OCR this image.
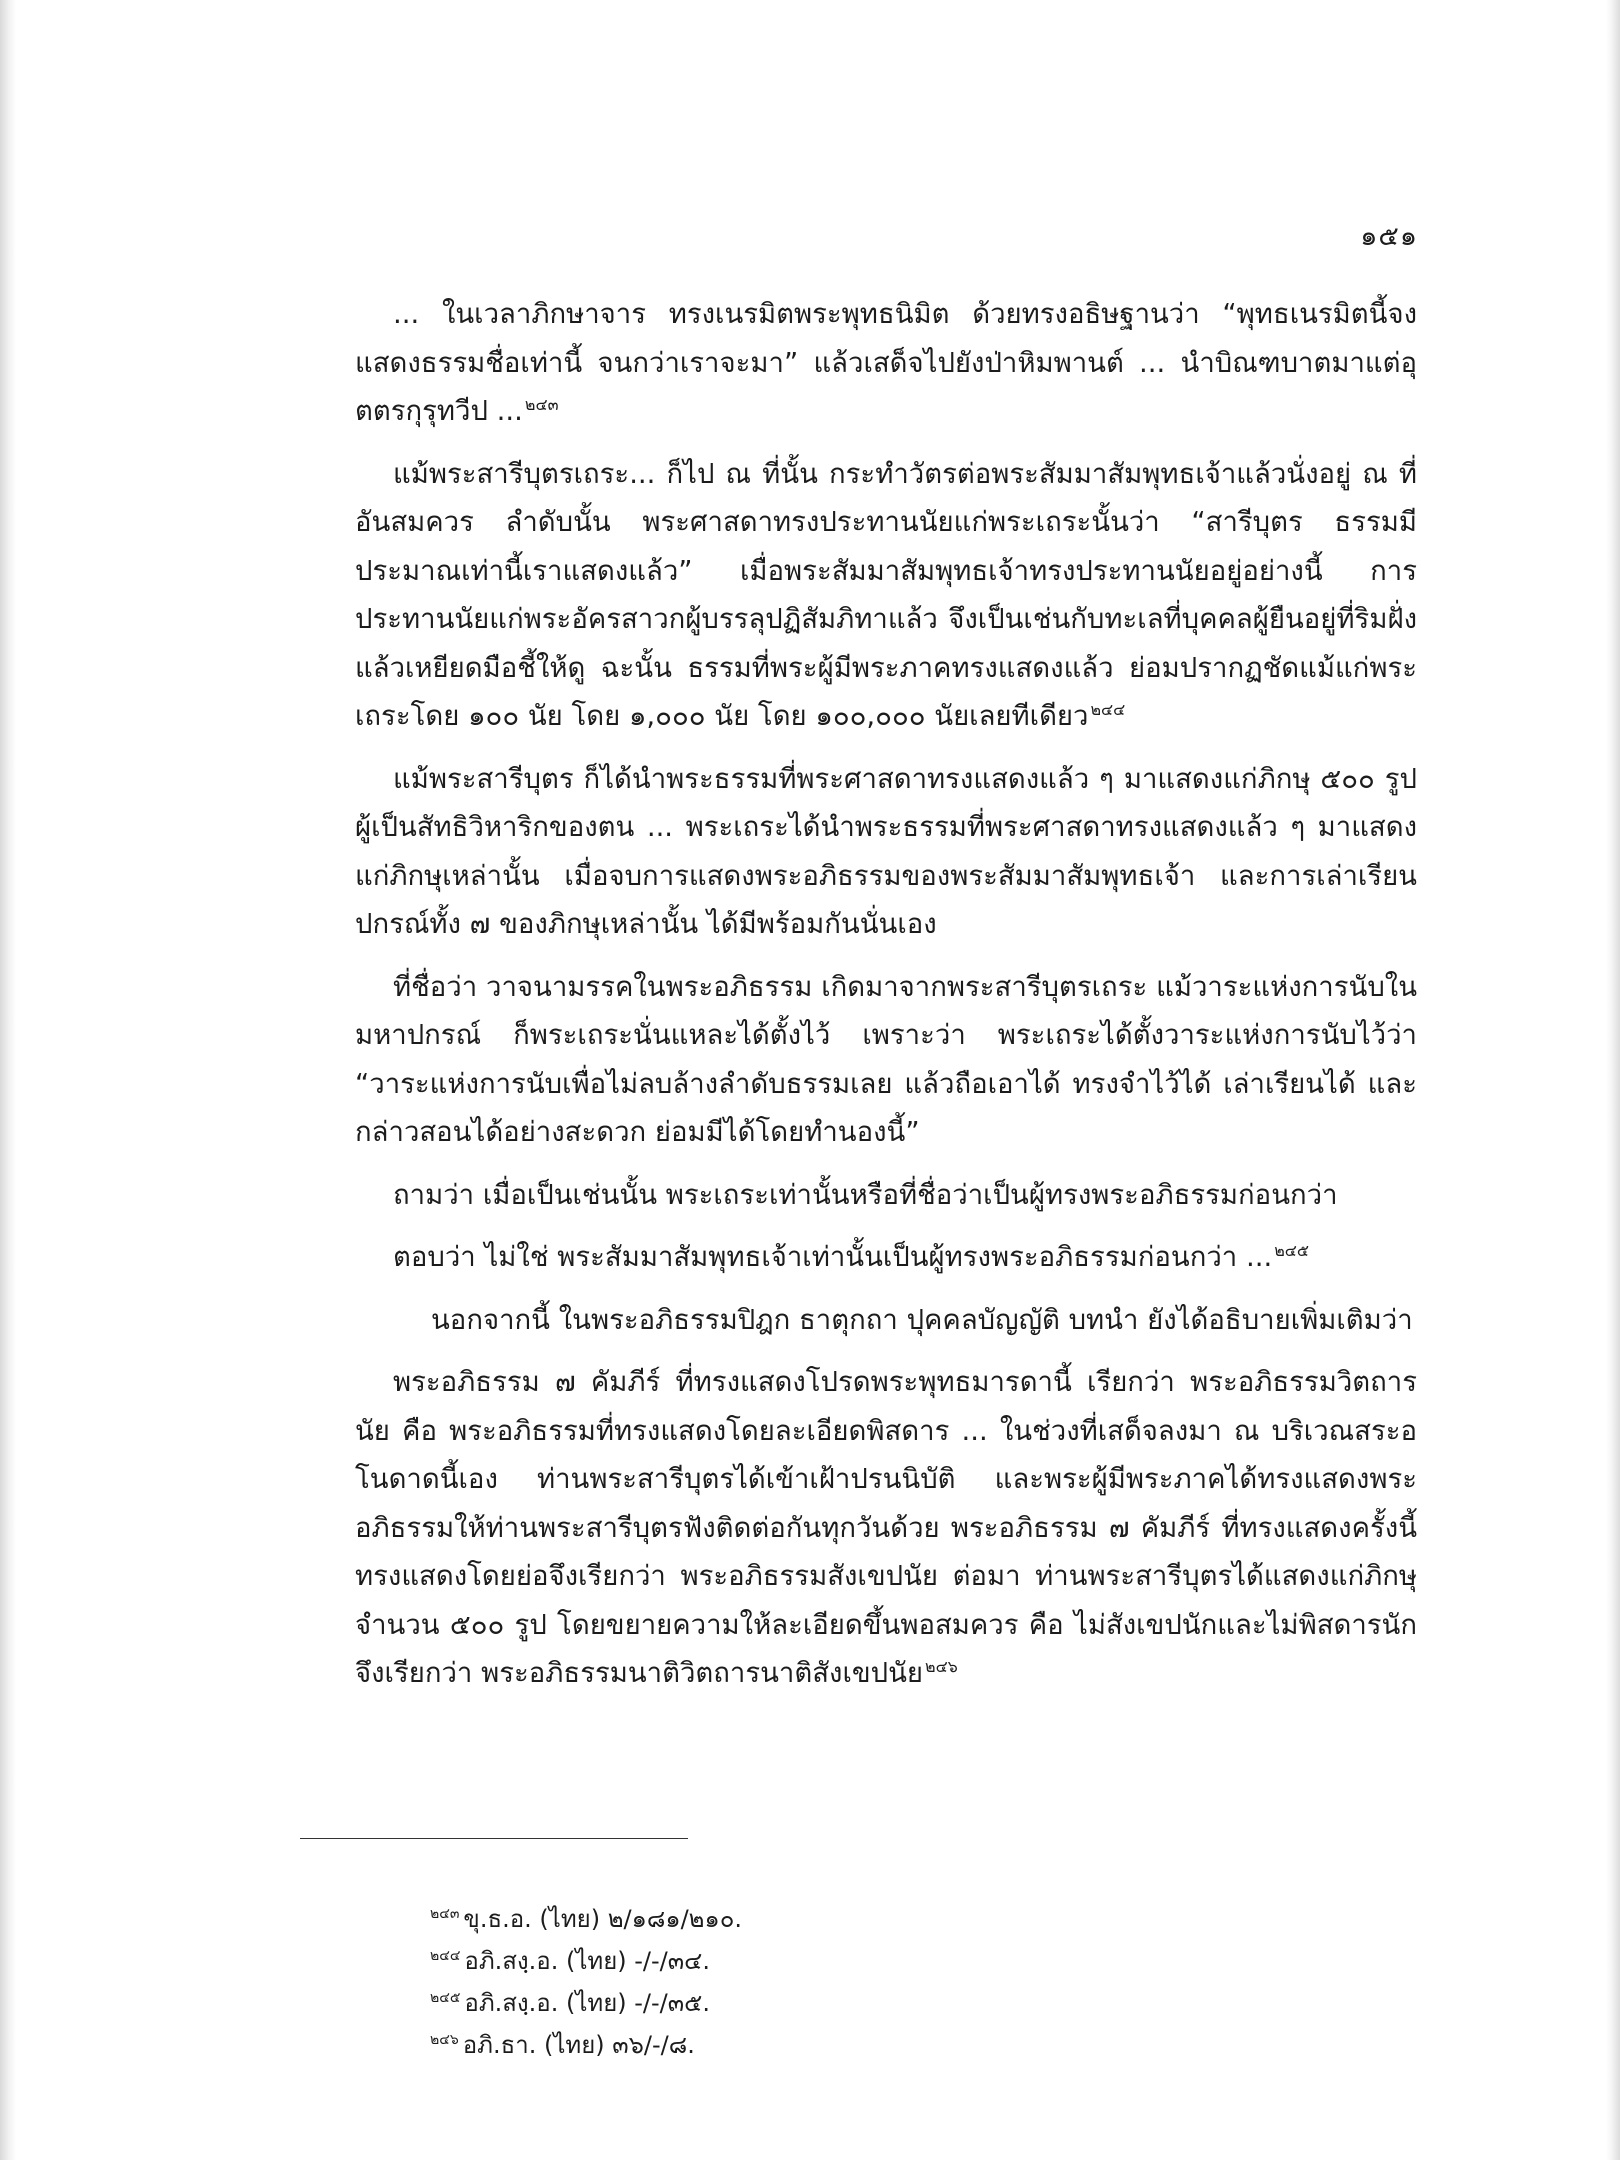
๑๕๑

... ในเวลาภิกษาจาร ทรงเนรมิตพระพุทธนิมิต ด้วยทรงอธิษฐานว่า “พุทธเนรมิตนี้จงแสดงธรรมชื่อเท่านี้ จนกว่าเราจะมา” แล้วเสด็จไปยังป่าหิมพานต์ ... นำบิณฑบาตมาแต่อุตตรกุรุทวีป ... $^{๒๔๓}$

แม้พระสารีบุตรเถระ... ก็ไป ณ ที่นั้น กระทำวัตรต่อพระสัมมาสัมพุทธเจ้าแล้วนั่งอยู่ ณ ที่อันสมควร ลำดับนั้น พระศาสดาทรงประทานนัยแก่พระเถระนั้นว่า “สารีบุตร ธรรมมีประมาณเท่านี้เราแสดงแล้ว” เมื่อพระสัมมาสัมพุทธเจ้าทรงประทานนัยอยู่อย่างนี้ การประทานนัยแก่พระอัครสาวกผู้บรรลุปฏิสัมภิทาแล้ว จึงเป็นเช่นกับทะเลที่บุคคลผู้ยืนอยู่ที่ริมฝั่ง แล้วเหยียดมือชี้ให้ดู ฉะนั้น ธรรมที่พระผู้มีพระภาคทรงแสดงแล้ว ย่อมปรากฏชัดแม้แก่พระเถระโดย ๑๐๐ นัย โดย ๑,๐๐๐ นัย โดย ๑๐๐,๐๐๐ นัยเลยทีเดียว $^{๒๔๔}$

แม้พระสารีบุตร ก็ได้นำพระธรรมที่พระศาสดาทรงแสดงแล้ว ๆ มาแสดงแก่ภิกษุ ๕๐๐ รูป ผู้เป็นสัทธิวิหาริกของตน ... พระเถระได้นำพระธรรมที่พระศาสดาทรงแสดงแล้ว ๆ มาแสดงแก่ภิกษุเหล่านั้น เมื่อจบการแสดงพระอภิธรรมของพระสัมมาสัมพุทธเจ้า และการเล่าเรียนปกรณ์ทั้ง ๗ ของภิกษุเหล่านั้น ได้มีพร้อมกันนั่นเอง

ที่ชื่อว่า วาจนามรรคในพระอภิธรรม เกิดมาจากพระสารีบุตรเถระ แม้วาระแห่งการนับในมหาปกรณ์ ก็พระเถระนั่นแหละได้ตั้งไว้ เพราะว่า พระเถระได้ตั้งวาระแห่งการนับไว้ว่า “วาระแห่งการนับเพื่อไม่ลบล้างลำดับธรรมเลย แล้วถือเอาได้ ทรงจำไว้ได้ เล่าเรียนได้ และกล่าวสอนได้อย่างสะดวก ย่อมมีได้โดยทำนองนี้”

ถามว่า เมื่อเป็นเช่นนั้น พระเถระเท่านั้นหรือที่ชื่อว่าเป็นผู้ทรงพระอภิธรรมก่อนกว่า

ตอบว่า ไม่ใช่ พระสัมมาสัมพุทธเจ้าเท่านั้นเป็นผู้ทรงพระอภิธรรมก่อนกว่า ... $^{๒๔๕}$

นอกจากนี้ ในพระอภิธรรมปิฎก ธาตุกถา ปุคคลบัญญัติ บทนำ ยังได้อธิบายเพิ่มเติมว่า

พระอภิธรรม ๗ คัมภีร์ ที่ทรงแสดงโปรดพระพุทธมารดานี้ เรียกว่า พระอภิธรรมวิตถารนัย คือ พระอภิธรรมที่ทรงแสดงโดยละเอียดพิสดาร ... ในช่วงที่เสด็จลงมา ณ บริเวณสระอโนดาดนี้เอง ท่านพระสารีบุตรได้เข้าเฝ้าปรนนิบัติ และพระผู้มีพระภาคได้ทรงแสดงพระอภิธรรมให้ท่านพระสารีบุตรฟังติดต่อกันทุกวันด้วย พระอภิธรรม ๗ คัมภีร์ ที่ทรงแสดงครั้งนี้ ทรงแสดงโดยย่อจึงเรียกว่า พระอภิธรรมสังเขปนัย ต่อมา ท่านพระสารีบุตรได้แสดงแก่ภิกษุจำนวน ๕๐๐ รูป โดยขยายความให้ละเอียดขึ้นพอสมควร คือ ไม่สังเขปนักและไม่พิสดารนัก จึงเรียกว่า พระอภิธรรมนาติวิตถารนาติสังเขปนัย $^{๒๔๖}$

$^{๒๔๓}$ ขุ.ธ.อ. (ไทย) ๒/๑๘๑/๒๑๐.
$^{๒๔๔}$ อภิ.สงฺ.อ. (ไทย) -/-/๓๔.
$^{๒๔๕}$ อภิ.สงฺ.อ. (ไทย) -/-/๓๕.
$^{๒๔๖}$ อภิ.ธา. (ไทย) ๓๖/-/๘.
